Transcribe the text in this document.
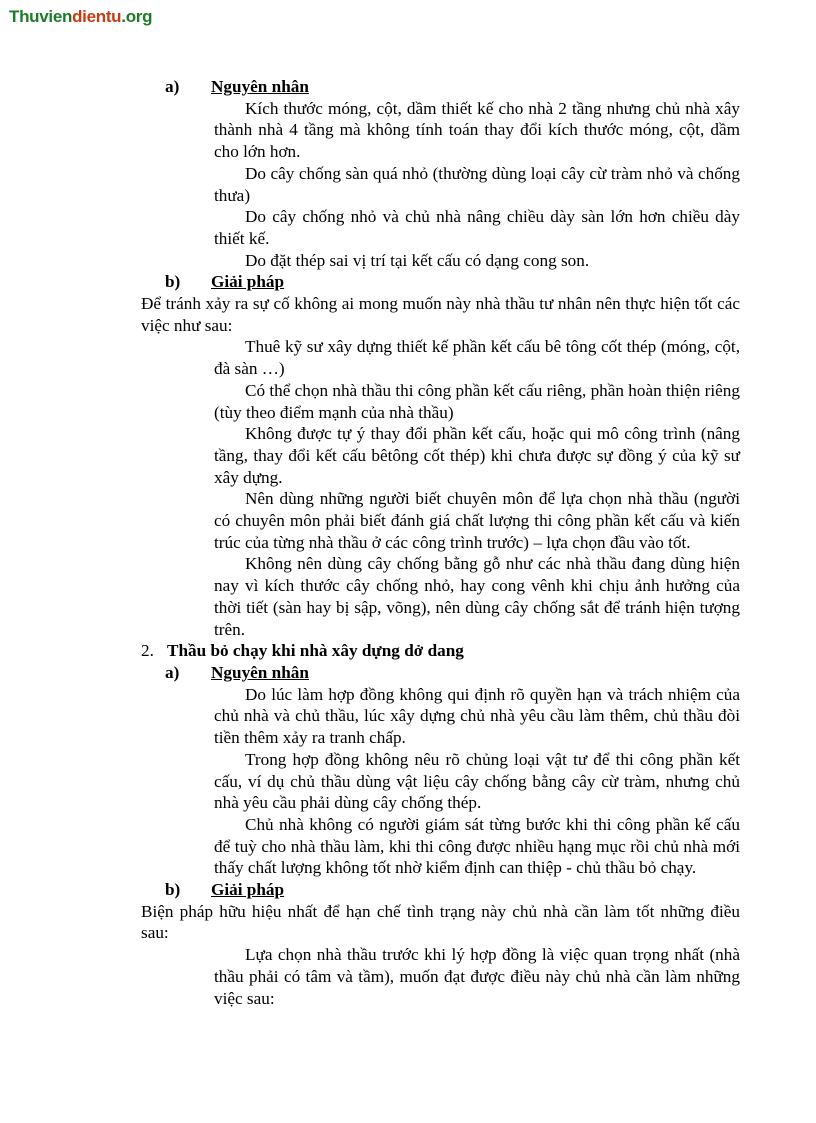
Thuviendientu.org
a)	Nguyên nhân
Kích thước móng, cột, dầm thiết kế cho nhà 2 tầng nhưng chủ nhà xây thành nhà 4 tầng mà không tính toán thay đổi kích thước móng, cột, dầm cho lớn hơn.
Do cây chống sàn quá nhỏ (thường dùng loại cây cừ tràm nhỏ và chống thưa)
Do cây chống nhỏ và chủ nhà nâng chiều dày sàn lớn hơn chiều dày thiết kế.
Do đặt thép sai vị trí tại kết cấu có dạng cong son.
b)	Giải pháp
Để tránh xảy ra sự cố không ai mong muốn này nhà thầu tư nhân nên thực hiện tốt các việc như sau:
Thuê kỹ sư xây dựng thiết kế phần kết cấu bê tông cốt thép (móng, cột, đà sàn …)
Có thể chọn nhà thầu thi công phần kết cấu riêng, phần hoàn thiện riêng (tùy theo điểm mạnh của nhà thầu)
Không được tự ý thay đổi phần kết cấu, hoặc qui mô công trình (nâng tầng, thay đổi kết cấu bêtông cốt thép) khi chưa được sự đồng ý của kỹ sư xây dựng.
Nên dùng những người biết chuyên môn để lựa chọn nhà thầu (người có chuyên môn phải biết đánh giá chất lượng thi công phần kết cấu và kiến trúc của từng nhà thầu ở các công trình trước) – lựa chọn đầu vào tốt.
Không nên dùng cây chống bằng gỗ như các nhà thầu đang dùng hiện nay vì kích thước cây chống nhỏ, hay cong vênh khi chịu ảnh hưởng của thời tiết (sàn hay bị sập, võng), nên dùng cây chống sắt để tránh hiện tượng trên.
2. Thầu bỏ chạy khi nhà xây dựng dở dang
a)	Nguyên nhân
Do lúc làm hợp đồng không qui định rõ quyền hạn và trách nhiệm của chủ nhà và chủ thầu, lúc xây dựng chủ nhà yêu cầu làm thêm, chủ thầu đòi tiền thêm xảy ra tranh chấp.
Trong hợp đồng không nêu rõ chủng loại vật tư để thi công phần kết cấu, ví dụ chủ thầu dùng vật liệu cây chống bằng cây cừ tràm, nhưng chủ nhà yêu cầu phải dùng cây chống thép.
Chủ nhà không có người giám sát từng bước khi thi công phần kế cấu để tuỳ cho nhà thầu làm, khi thi công được nhiều hạng mục rồi chủ nhà mới thấy chất lượng không tốt nhờ kiểm định can thiệp - chủ thầu bỏ chạy.
b)	Giải pháp
Biện pháp hữu hiệu nhất để hạn chế tình trạng này chủ nhà cần làm tốt những điều sau:
Lựa chọn nhà thầu trước khi lý hợp đồng là việc quan trọng nhất (nhà thầu phải có tâm và tầm), muốn đạt được điều này chủ nhà cần làm những việc sau:
